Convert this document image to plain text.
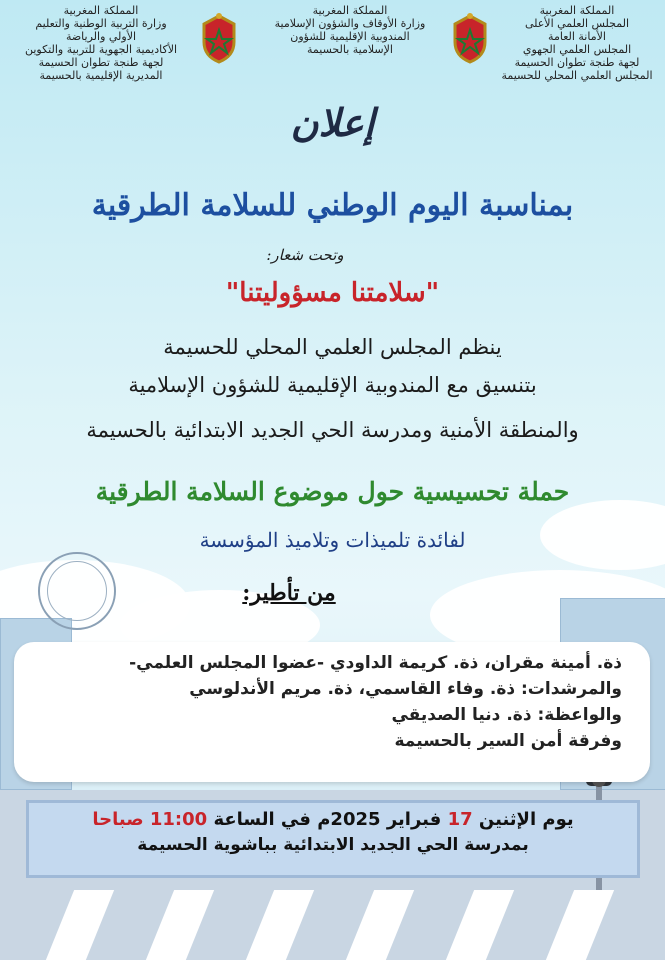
المملكة المغربية
المجلس العلمي الأعلى
الأمانة العامة
المجلس العلمي الجهوي
لجهة طنجة تطوان الحسيمة
المجلس العلمي المحلي للحسيمة
المملكة المغربية
وزارة الأوقاف والشؤون الإسلامية
المندوبية الإقليمية للشؤون
الإسلامية بالحسيمة
المملكة المغربية
وزارة التربية الوطنية والتعليم
الأولي والرياضة
الأكاديمية الجهوية للتربية والتكوين
لجهة طنجة تطوان الحسيمة
المديرية الإقليمية بالحسيمة
إعلان
بمناسبة اليوم الوطني للسلامة الطرقية
وتحت شعار:
"سلامتنا مسؤوليتنا"
ينظم المجلس العلمي المحلي للحسيمة
بتنسيق مع المندوبية الإقليمية للشؤون الإسلامية
والمنطقة الأمنية ومدرسة الحي الجديد الابتدائية بالحسيمة
حملة تحسيسية حول موضوع السلامة الطرقية
لفائدة تلميذات وتلاميذ المؤسسة
من تأطير:
ذة. أمينة مقران، ذة. كريمة الداودي -عضوا المجلس العلمي-
والمرشدات: ذة. وفاء القاسمي، ذة. مريم الأندلوسي
والواعظة: ذة. دنيا الصديقي
وفرقة أمن السير بالحسيمة
يوم الإثنين 17 فبراير 2025م في الساعة 11:00 صباحا
بمدرسة الحي الجديد الابتدائية بباشوية الحسيمة
